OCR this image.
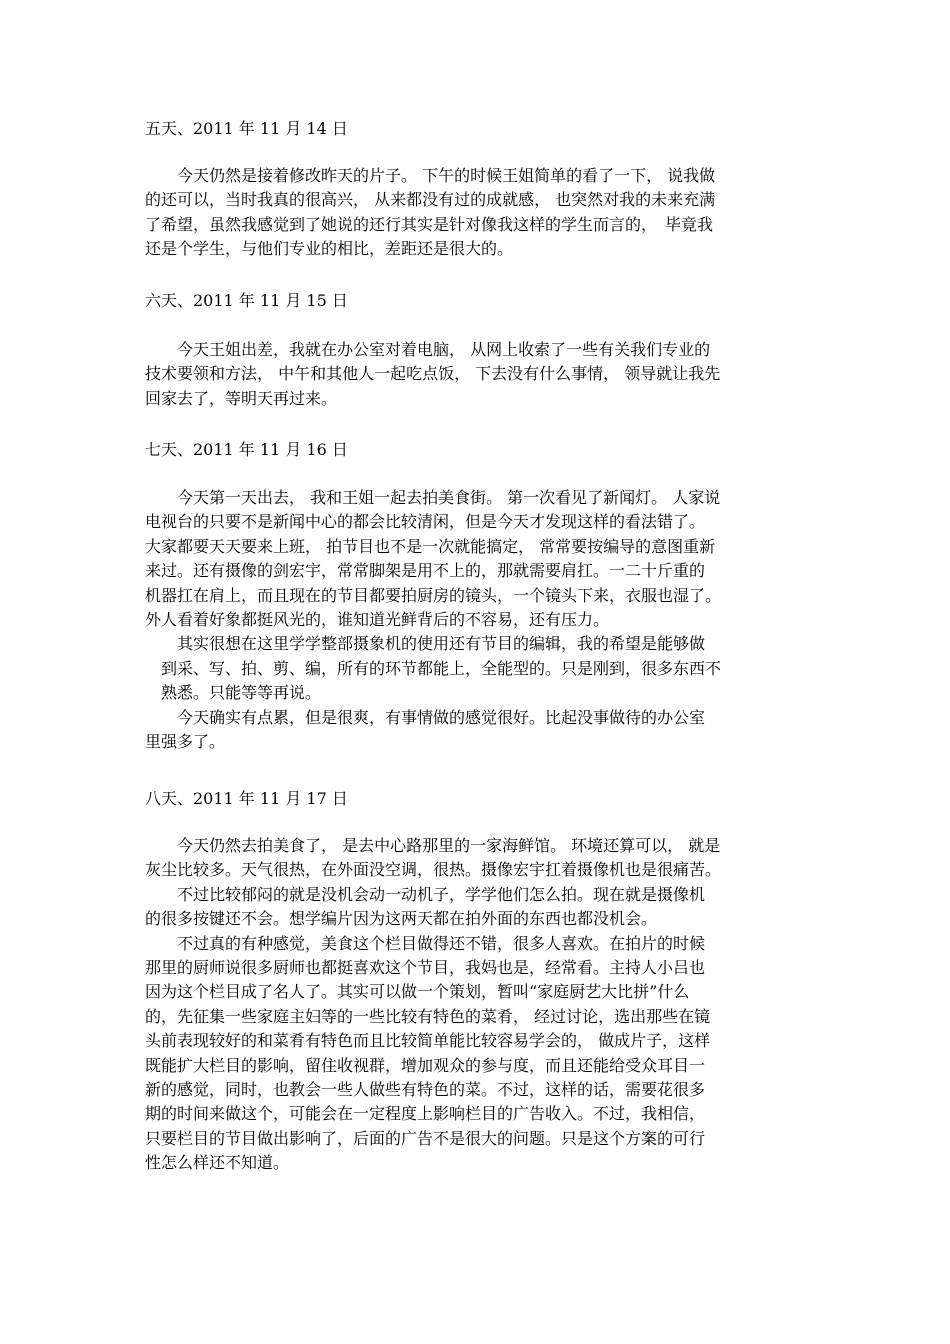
五天、2011 年 11 月 14 日
　　今天仍然是接着修改昨天的片子。 下午的时候王姐简单的看了一下， 说我做
的还可以，当时我真的很高兴， 从来都没有过的成就感， 也突然对我的未来充满
了希望，虽然我感觉到了她说的还行其实是针对像我这样的学生而言的，　毕竟我
还是个学生，与他们专业的相比，差距还是很大的。
六天、2011 年 11 月 15 日
　　今天王姐出差，我就在办公室对着电脑， 从网上收索了一些有关我们专业的
技术要领和方法， 中午和其他人一起吃点饭， 下去没有什么事情， 领导就让我先
回家去了，等明天再过来。
七天、2011 年 11 月 16 日
　　今天第一天出去， 我和王姐一起去拍美食街。 第一次看见了新闻灯。 人家说
电视台的只要不是新闻中心的都会比较清闲，但是今天才发现这样的看法错了。
大家都要天天要来上班， 拍节目也不是一次就能搞定， 常常要按编导的意图重新
来过。还有摄像的剑宏宇，常常脚架是用不上的，那就需要肩扛。一二十斤重的
机器扛在肩上，而且现在的节目都要拍厨房的镜头，一个镜头下来，衣服也湿了。
外人看着好象都挺风光的，谁知道光鲜背后的不容易，还有压力。
　　其实很想在这里学学整部摄象机的使用还有节目的编辑，我的希望是能够做
　到采、写、拍、剪、编，所有的环节都能上，全能型的。只是刚到，很多东西不
　熟悉。只能等等再说。
　　今天确实有点累，但是很爽，有事情做的感觉很好。比起没事做待的办公室
里强多了。
八天、2011 年 11 月 17 日
　　今天仍然去拍美食了， 是去中心路那里的一家海鲜馆。 环境还算可以， 就是
灰尘比较多。天气很热，在外面没空调，很热。摄像宏宇扛着摄像机也是很痛苦。
　　不过比较郁闷的就是没机会动一动机子，学学他们怎么拍。现在就是摄像机
的很多按键还不会。想学编片因为这两天都在拍外面的东西也都没机会。
　　不过真的有种感觉，美食这个栏目做得还不错，很多人喜欢。在拍片的时候
那里的厨师说很多厨师也都挺喜欢这个节目，我妈也是，经常看。主持人小吕也
因为这个栏目成了名人了。其实可以做一个策划，暂叫“家庭厨艺大比拼”什么
的，先征集一些家庭主妇等的一些比较有特色的菜肴， 经过讨论，选出那些在镜
头前表现较好的和菜肴有特色而且比较简单能比较容易学会的， 做成片子，这样
既能扩大栏目的影响，留住收视群，增加观众的参与度，而且还能给受众耳目一
新的感觉，同时，也教会一些人做些有特色的菜。不过，这样的话，需要花很多
期的时间来做这个，可能会在一定程度上影响栏目的广告收入。不过，我相信，
只要栏目的节目做出影响了，后面的广告不是很大的问题。只是这个方案的可行
性怎么样还不知道。
